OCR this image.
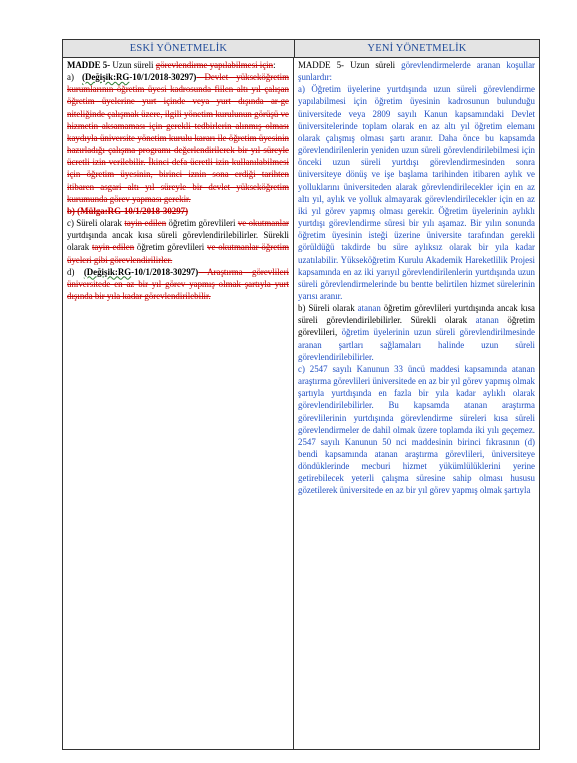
ESKİ YÖNETMELİK	YENİ YÖNETMELİK

MADDE 5- Uzun süreli görevlendirme yapılabilmesi için:

a) (Değişik:RG-10/1/2018-30297) Devlet yükseköğretim kurumlarının öğretim üyesi kadrosunda fiilen altı yıl çalışan öğretim üyelerine yurt içinde veya yurt dışında ar-ge niteliğinde çalışmak üzere, ilgili yönetim kurulunun görüşü ve hizmetin aksamaması için gerekli tedbirlerin alınmış olması kaydıyla üniversite yönetim kurulu kararı ile öğretim üyesinin hazırladığı çalışma programı değerlendirilerek bir yıl süreyle ücretli izin verilebilir. İkinci defa ücretli izin kullanılabilmesi için öğretim üyesinin, birinci iznin sona erdiği tarihten itibaren asgari altı yıl süreyle bir devlet yükseköğretim kurumunda görev yapması gerekir.

b) (Mülga:RG-10/1/2018-30297)

c) Süreli olarak tayin edilen öğretim görevlileri ve okutmanlar yurtdışında ancak kısa süreli görevlendirilebilirler. Sürekli olarak tayin edilen öğretim görevlileri ve okutmanlar öğretim üyeleri gibi görevlendirilirler.

d) (Değişik:RG-10/1/2018-30297) Araştırma görevlileri üniversitede en az bir yıl görev yapmış olmak şartıyla yurt dışında bir yıla kadar görevlendirilebilir.

MADDE 5- Uzun süreli görevlendirmelerde aranan koşullar şunlardır:

a) Öğretim üyelerine yurtdışında uzun süreli görevlendirme yapılabilmesi için öğretim üyesinin kadrosunun bulunduğu üniversitede veya 2809 sayılı Kanun kapsamındaki Devlet üniversitelerinde toplam olarak en az altı yıl öğretim elemanı olarak çalışmış olması şartı aranır. Daha önce bu kapsamda görevlendirilenlerin yeniden uzun süreli görevlendirilebilmesi için önceki uzun süreli yurtdışı görevlendirmesinden sonra üniversiteye dönüş ve işe başlama tarihinden itibaren aylık ve yolluklarını üniversiteden alarak görevlendirilecekler için en az altı yıl, aylık ve yolluk almayarak görevlendirilecekler için en az iki yıl görev yapmış olması gerekir. Öğretim üyelerinin aylıklı yurtdışı görevlendirme süresi bir yılı aşamaz. Bir yılın sonunda öğretim üyesinin isteği üzerine üniversite tarafından gerekli görüldüğü takdirde bu süre aylıksız olarak bir yıla kadar uzatılabilir. Yükseköğretim Kurulu Akademik Hareketlilik Projesi kapsamında en az iki yarıyıl görevlendirilenlerin yurtdışında uzun süreli görevlendirmelerinde bu bentte belirtilen hizmet sürelerinin yarısı aranır.

b) Süreli olarak atanan öğretim görevlileri yurtdışında ancak kısa süreli görevlendirilebilirler. Sürekli olarak atanan öğretim görevlileri, öğretim üyelerinin uzun süreli görevlendirilmesinde aranan şartları sağlamaları halinde uzun süreli görevlendirilebilirler.

c) 2547 sayılı Kanunun 33 üncü maddesi kapsamında atanan araştırma görevlileri üniversitede en az bir yıl görev yapmış olmak şartıyla yurtdışında en fazla bir yıla kadar aylıklı olarak görevlendirilebilirler. Bu kapsamda atanan araştırma görevlilerinin yurtdışında görevlendirme süreleri kısa süreli görevlendirmeler de dahil olmak üzere toplamda iki yılı geçemez. 2547 sayılı Kanunun 50 nci maddesinin birinci fıkrasının (d) bendi kapsamında atanan araştırma görevlileri, üniversiteye döndüklerinde mecburi hizmet yükümlülüklerini yerine getirebilecek yeterli çalışma süresine sahip olması hususu gözetilerek üniversitede en az bir yıl görev yapmış olmak şartıyla
